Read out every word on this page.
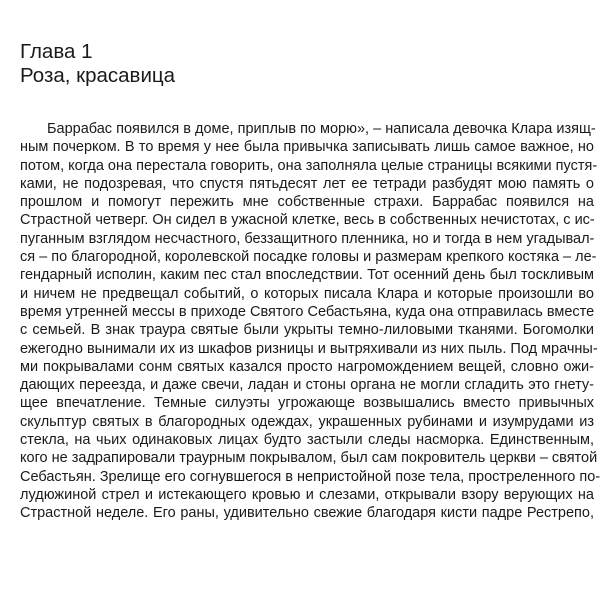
Глава 1
Роза, красавица
Баррабас появился в доме, приплыв по морю», – написала девочка Клара изящ-
ным почерком. В то время у нее была привычка записывать лишь самое важное, но
потом, когда она перестала говорить, она заполняла целые страницы всякими пустя-
ками, не подозревая, что спустя пятьдесят лет ее тетради разбудят мою память о
прошлом и помогут пережить мне собственные страхи. Баррабас появился на
Страстной четверг. Он сидел в ужасной клетке, весь в собственных нечистотах, с ис-
пуганным взглядом несчастного, беззащитного пленника, но и тогда в нем угадывал-
ся – по благородной, королевской посадке головы и размерам крепкого костяка – ле-
гендарный исполин, каким пес стал впоследствии. Тот осенний день был тоскливым
и ничем не предвещал событий, о которых писала Клара и которые произошли во
время утренней мессы в приходе Святого Себастьяна, куда она отправилась вместе
с семьей. В знак траура святые были укрыты темно-лиловыми тканями. Богомолки
ежегодно вынимали их из шкафов ризницы и вытряхивали из них пыль. Под мрачны-
ми покрывалами сонм святых казался просто нагромождением вещей, словно ожи-
дающих переезда, и даже свечи, ладан и стоны органа не могли сгладить это гнету-
щее впечатление. Темные силуэты угрожающе возвышались вместо привычных
скульптур святых в благородных одеждах, украшенных рубинами и изумрудами из
стекла, на чьих одинаковых лицах будто застыли следы насморка. Единственным,
кого не задрапировали траурным покрывалом, был сам покровитель церкви – святой
Себастьян. Зрелище его согнувшегося в непристойной позе тела, простреленного по-
лудюжиной стрел и истекающего кровью и слезами, открывали взору верующих на
Страстной неделе. Его раны, удивительно свежие благодаря кисти падре Рестрепо,
